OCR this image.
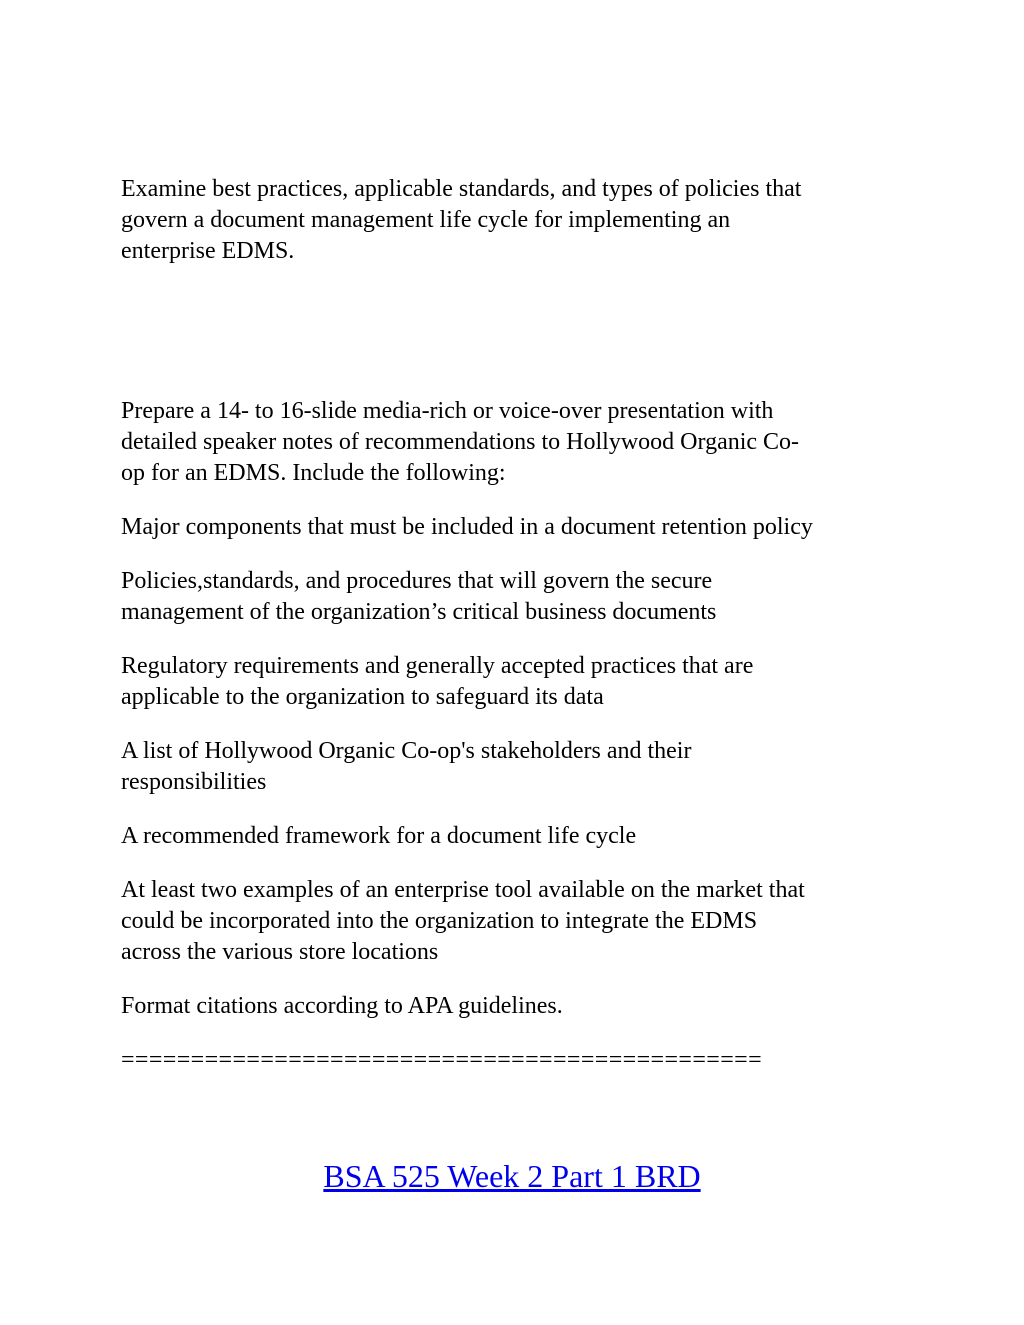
Examine best practices, applicable standards, and types of policies that
govern a document management life cycle for implementing an
enterprise EDMS.

Prepare a 14- to 16-slide media-rich or voice-over presentation with
detailed speaker notes of recommendations to Hollywood Organic Co-
op for an EDMS. Include the following:

Major components that must be included in a document retention policy

Policies,standards, and procedures that will govern the secure
management of the organization’s critical business documents

Regulatory requirements and generally accepted practices that are
applicable to the organization to safeguard its data

A list of Hollywood Organic Co-op's stakeholders and their
responsibilities

A recommended framework for a document life cycle

At least two examples of an enterprise tool available on the market that
could be incorporated into the organization to integrate the EDMS
across the various store locations

Format citations according to APA guidelines.

==============================================

BSA 525 Week 2 Part 1 BRD
